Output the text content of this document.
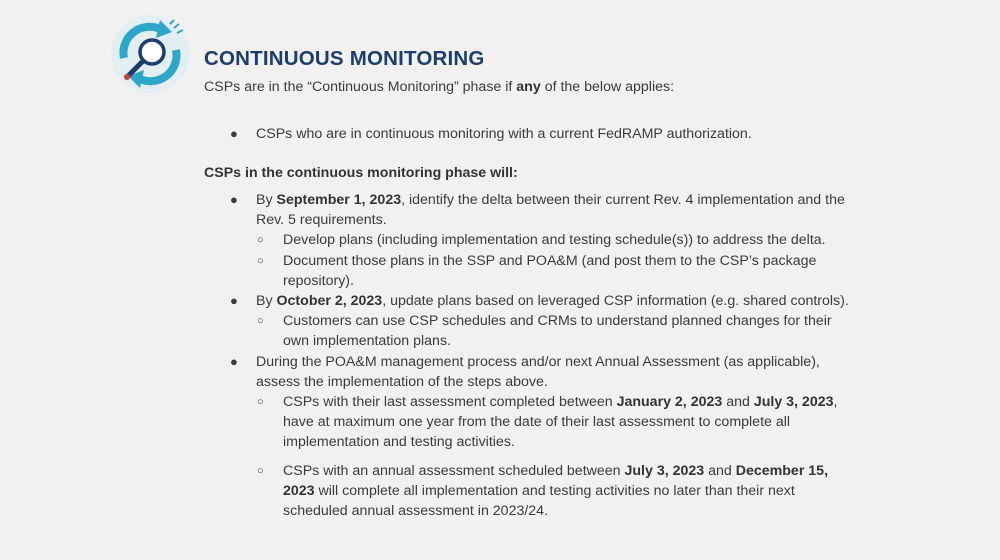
CONTINUOUS MONITORING

CSPs are in the “Continuous Monitoring” phase if any of the below applies:

● CSPs who are in continuous monitoring with a current FedRAMP authorization.

CSPs in the continuous monitoring phase will:

● By September 1, 2023, identify the delta between their current Rev. 4 implementation and the Rev. 5 requirements.
○ Develop plans (including implementation and testing schedule(s)) to address the delta.
○ Document those plans in the SSP and POA&M (and post them to the CSP’s package repository).
● By October 2, 2023, update plans based on leveraged CSP information (e.g. shared controls).
○ Customers can use CSP schedules and CRMs to understand planned changes for their own implementation plans.
● During the POA&M management process and/or next Annual Assessment (as applicable), assess the implementation of the steps above.
○ CSPs with their last assessment completed between January 2, 2023 and July 3, 2023, have at maximum one year from the date of their last assessment to complete all implementation and testing activities.
○ CSPs with an annual assessment scheduled between July 3, 2023 and December 15, 2023 will complete all implementation and testing activities no later than their next scheduled annual assessment in 2023/24.
